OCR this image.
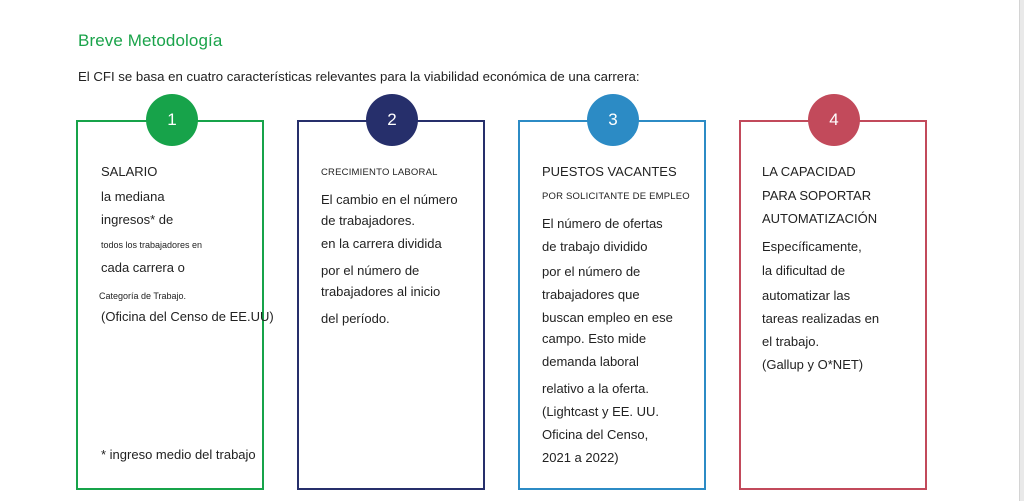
Breve Metodología
El CFI se basa en cuatro características relevantes para la viabilidad económica de una carrera:
1
SALARIO
la mediana
ingresos* de
todos los trabajadores en
cada carrera o
Categoría de Trabajo.
(Oficina del Censo de EE.UU)
* ingreso medio del trabajo
2
CRECIMIENTO LABORAL
El cambio en el número
de trabajadores.
en la carrera dividida
por el número de
trabajadores al inicio
del período.
3
PUESTOS VACANTES
POR SOLICITANTE DE EMPLEO
El número de ofertas
de trabajo dividido
por el número de
trabajadores que
buscan empleo en ese
campo. Esto mide
demanda laboral
relativo a la oferta.
(Lightcast y EE. UU.
Oficina del Censo,
2021 a 2022)
4
LA CAPACIDAD
PARA SOPORTAR
AUTOMATIZACIÓN
Específicamente,
la dificultad de
automatizar las
tareas realizadas en
el trabajo.
(Gallup y O*NET)
